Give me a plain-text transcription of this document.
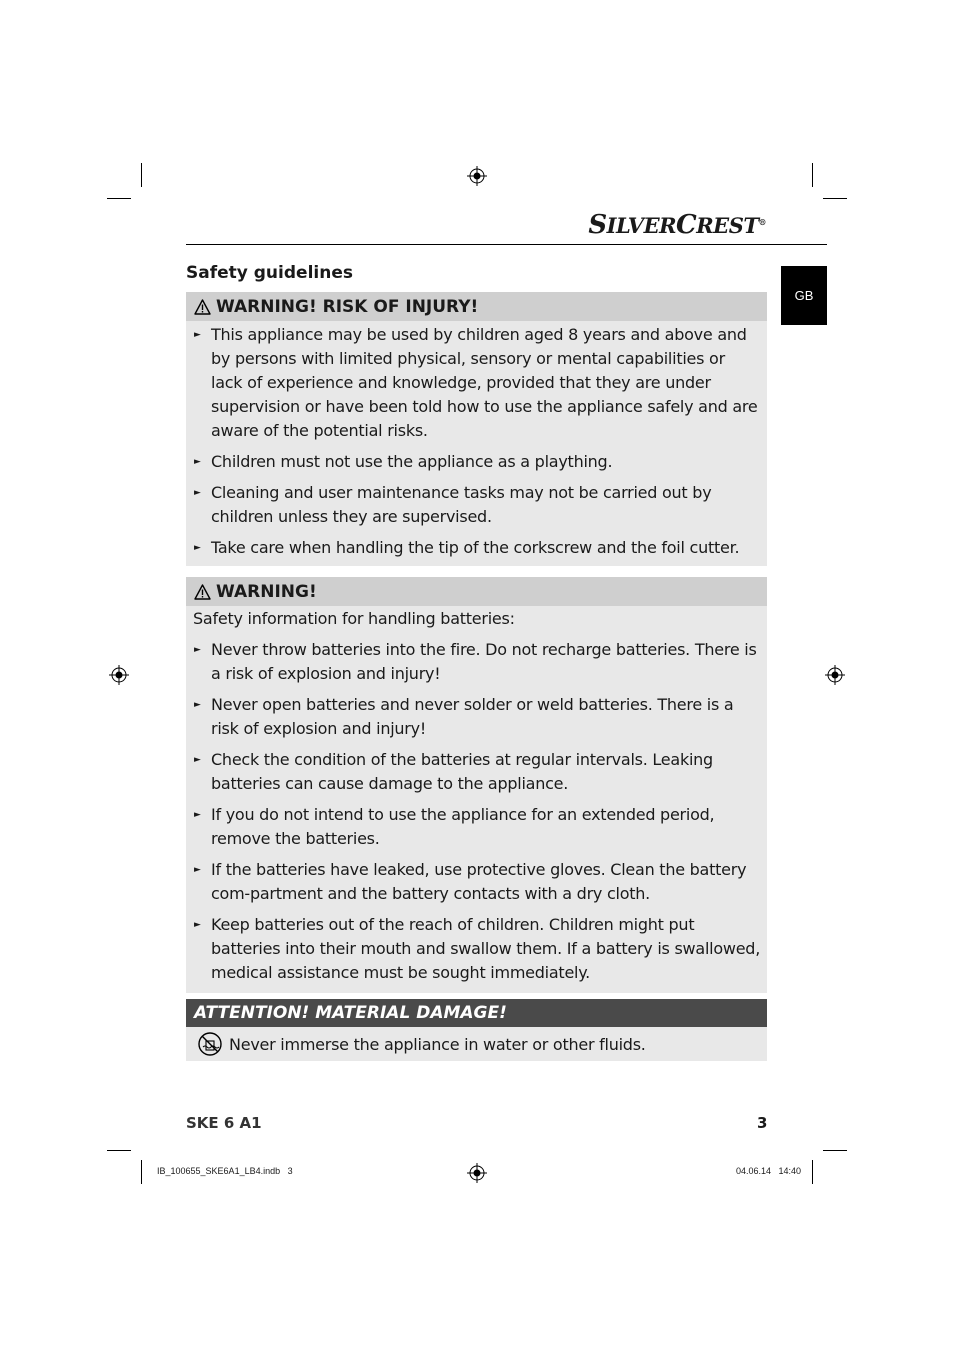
SILVERCREST®
GB
Safety guidelines
WARNING! RISK OF INJURY!
► This appliance may be used by children aged 8 years and above and by persons with limited physical, sensory or mental capabilities or lack of experience and knowledge, provided that they are under supervision or have been told how to use the appliance safely and are aware of the potential risks.
► Children must not use the appliance as a plaything.
► Cleaning and user maintenance tasks may not be carried out by children unless they are supervised.
► Take care when handling the tip of the corkscrew and the foil cutter.
WARNING!
Safety information for handling batteries:
► Never throw batteries into the fire. Do not recharge batteries. There is a risk of explosion and injury!
► Never open batteries and never solder or weld batteries. There is a risk of explosion and injury!
► Check the condition of the batteries at regular intervals. Leaking batteries can cause damage to the appliance.
► If you do not intend to use the appliance for an extended period, remove the batteries.
► If the batteries have leaked, use protective gloves. Clean the battery com-partment and the battery contacts with a dry cloth.
► Keep batteries out of the reach of children. Children might put batteries into their mouth and swallow them. If a battery is swallowed, medical assistance must be sought immediately.
ATTENTION! MATERIAL DAMAGE!
Never immerse the appliance in water or other fluids.
SKE 6 A1	3
IB_100655_SKE6A1_LB4.indb   3	04.06.14   14:40
